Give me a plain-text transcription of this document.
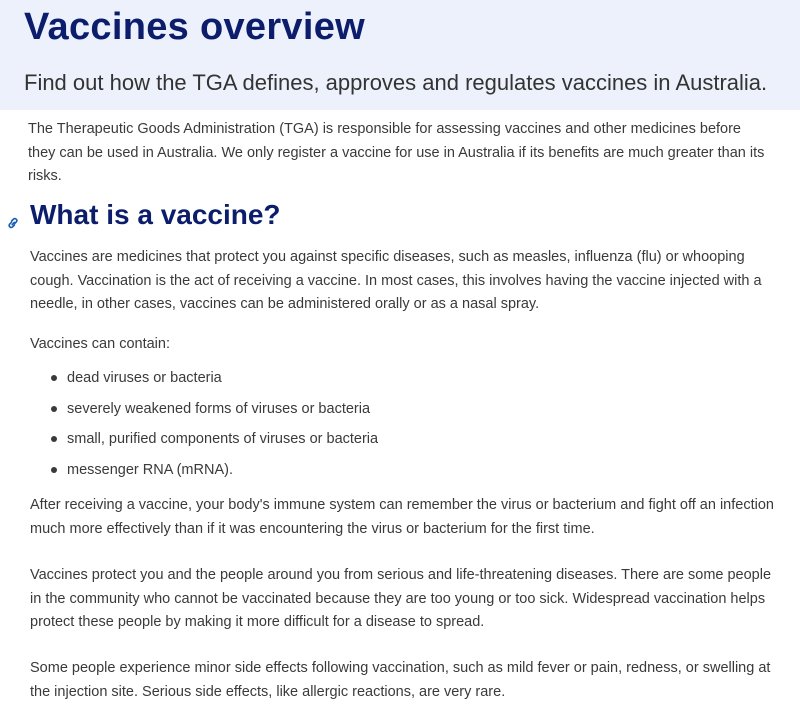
Vaccines overview

Find out how the TGA defines, approves and regulates vaccines in Australia.

The Therapeutic Goods Administration (TGA) is responsible for assessing vaccines and other medicines before they can be used in Australia. We only register a vaccine for use in Australia if its benefits are much greater than its risks.

What is a vaccine?

Vaccines are medicines that protect you against specific diseases, such as measles, influenza (flu) or whooping cough. Vaccination is the act of receiving a vaccine. In most cases, this involves having the vaccine injected with a needle, in other cases, vaccines can be administered orally or as a nasal spray.

Vaccines can contain:

dead viruses or bacteria
severely weakened forms of viruses or bacteria
small, purified components of viruses or bacteria
messenger RNA (mRNA).

After receiving a vaccine, your body's immune system can remember the virus or bacterium and fight off an infection much more effectively than if it was encountering the virus or bacterium for the first time.

Vaccines protect you and the people around you from serious and life-threatening diseases. There are some people in the community who cannot be vaccinated because they are too young or too sick. Widespread vaccination helps protect these people by making it more difficult for a disease to spread.

Some people experience minor side effects following vaccination, such as mild fever or pain, redness, or swelling at the injection site. Serious side effects, like allergic reactions, are very rare.
